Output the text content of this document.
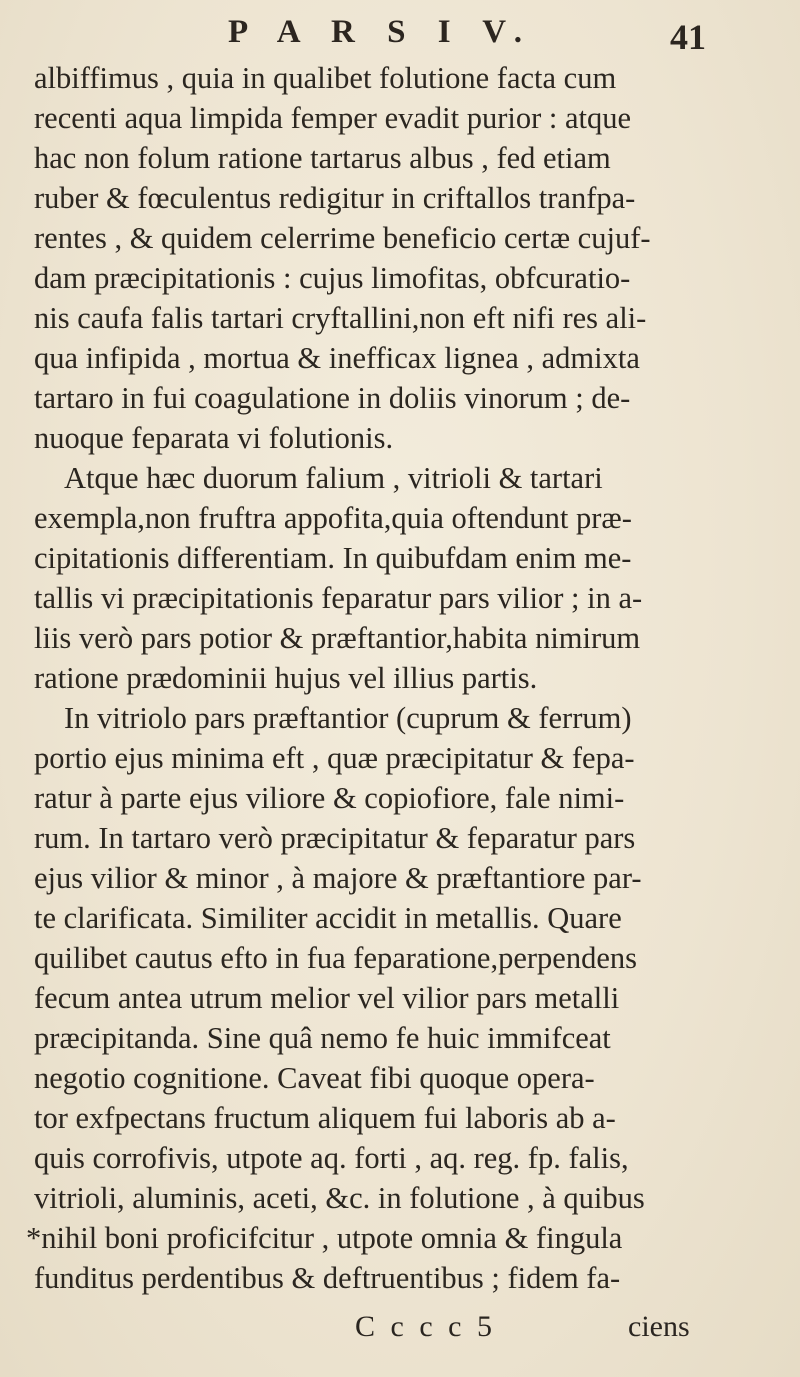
P A R S I V.	41
albiffimus , quia in qualibet folutione facta cum
recenti aqua limpida femper evadit purior : atque
hac non folum ratione tartarus albus , fed etiam
ruber & fœculentus redigitur in criftallos tranfpa-
rentes , & quidem celerrime beneficio certæ cujuf-
dam præcipitationis : cujus limofitas, obfcuratio-
nis caufa falis tartari cryftallini,non eft nifi res ali-
qua infipida , mortua & inefficax lignea , admixta
tartaro in fui coagulatione in doliis vinorum ; de-
nuoque feparata vi folutionis.
Atque hæc duorum falium , vitrioli & tartari
exempla,non fruftra appofita,quia oftendunt præ-
cipitationis differentiam. In quibufdam enim me-
tallis vi præcipitationis feparatur pars vilior ; in a-
liis verò pars potior & præftantior,habita nimirum
ratione prædominii hujus vel illius partis.
In vitriolo pars præftantior (cuprum & ferrum)
portio ejus minima eft , quæ præcipitatur & fepa-
ratur à parte ejus viliore & copiofiore, fale nimi-
rum. In tartaro verò præcipitatur & feparatur pars
ejus vilior & minor , à majore & præftantiore par-
te clarificata. Similiter accidit in metallis. Quare
quilibet cautus efto in fua feparatione,perpendens
fecum antea utrum melior vel vilior pars metalli
præcipitanda. Sine quâ nemo fe huic immifceat
negotio cognitione. Caveat fibi quoque opera-
tor exfpectans fructum aliquem fui laboris ab a-
quis corrofivis, utpote aq. forti , aq. reg. fp. falis,
vitrioli, aluminis, aceti, &c. in folutione , à quibus
*nihil boni proficifcitur , utpote omnia & fingula
funditus perdentibus & deftruentibus ; fidem fa-
C c c c 5	ciens
